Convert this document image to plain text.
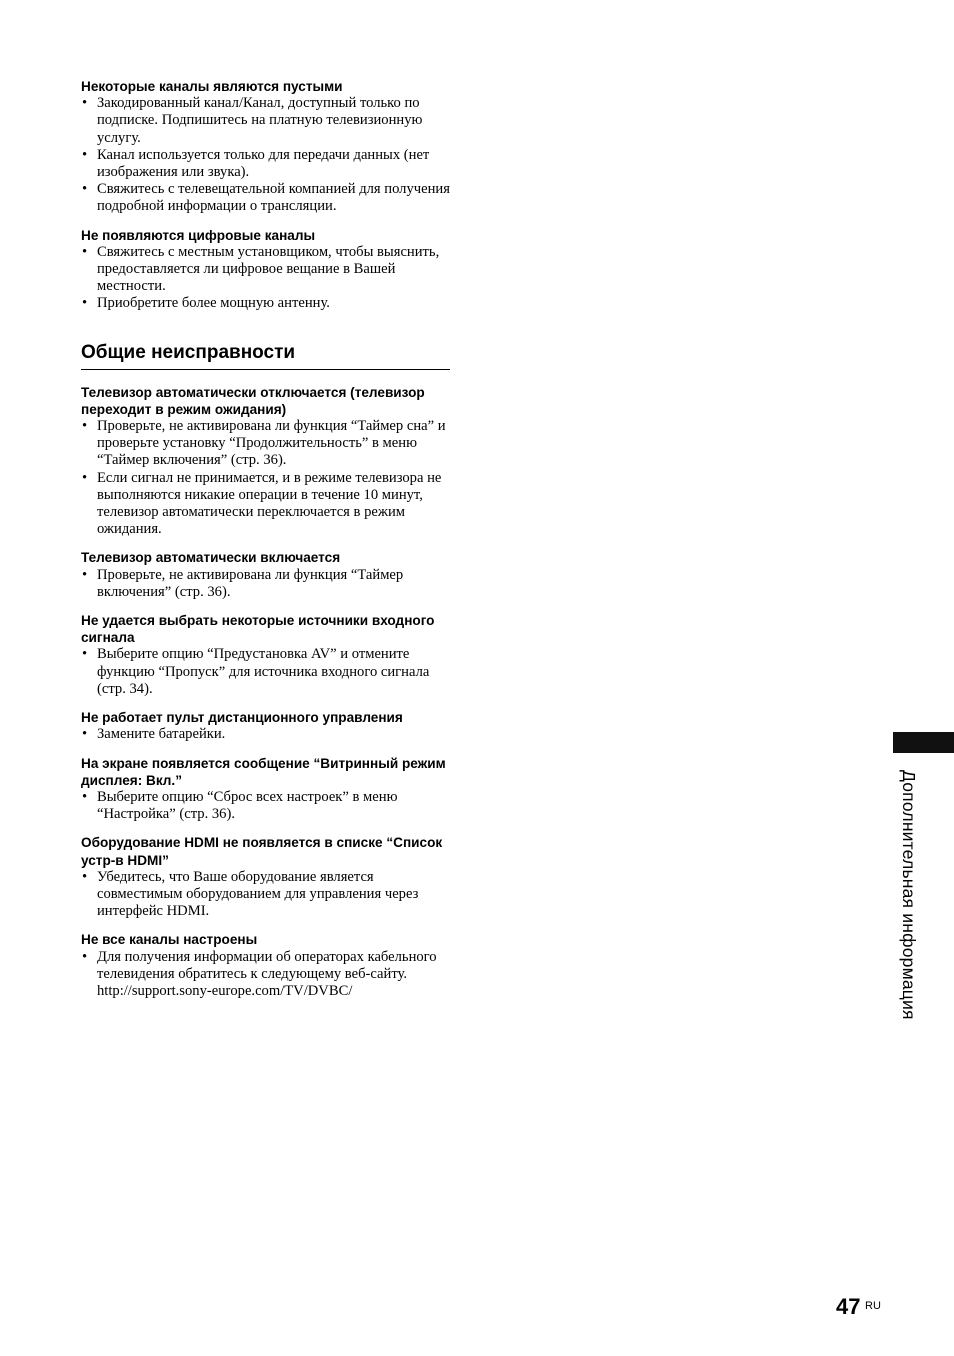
Некоторые каналы являются пустыми

• Закодированный канал/Канал, доступный только по подписке. Подпишитесь на платную телевизионную услугу.
• Канал используется только для передачи данных (нет изображения или звука).
• Свяжитесь с телевещательной компанией для получения подробной информации о трансляции.

Не появляются цифровые каналы

• Свяжитесь с местным установщиком, чтобы выяснить, предоставляется ли цифровое вещание в Вашей местности.
• Приобретите более мощную антенну.
Общие неисправности

Телевизор автоматически отключается (телевизор переходит в режим ожидания)

• Проверьте, не активирована ли функция “Таймер сна” и проверьте установку “Продолжительность” в меню “Таймер включения” (стр. 36).
• Если сигнал не принимается, и в режиме телевизора не выполняются никакие операции в течение 10 минут, телевизор автоматически переключается в режим ожидания.

Телевизор автоматически включается

• Проверьте, не активирована ли функция “Таймер включения” (стр. 36).

Не удается выбрать некоторые источники входного сигнала

• Выберите опцию “Предустановка AV” и отмените функцию “Пропуск” для источника входного сигнала (стр. 34).

Не работает пульт дистанционного управления

• Замените батарейки.

На экране появляется сообщение “Витринный режим дисплея: Вкл.”

• Выберите опцию “Сброс всех настроек” в меню “Настройка” (стр. 36).

Оборудование HDMI не появляется в списке “Список устр-в HDMI”

• Убедитесь, что Ваше оборудование является совместимым оборудованием для управления через интерфейс HDMI.

Не все каналы настроены

• Для получения информации об операторах кабельного телевидения обратитесь к следующему веб-сайту. http://support.sony-europe.com/TV/DVBC/	Дополнительная информация
47 RU
